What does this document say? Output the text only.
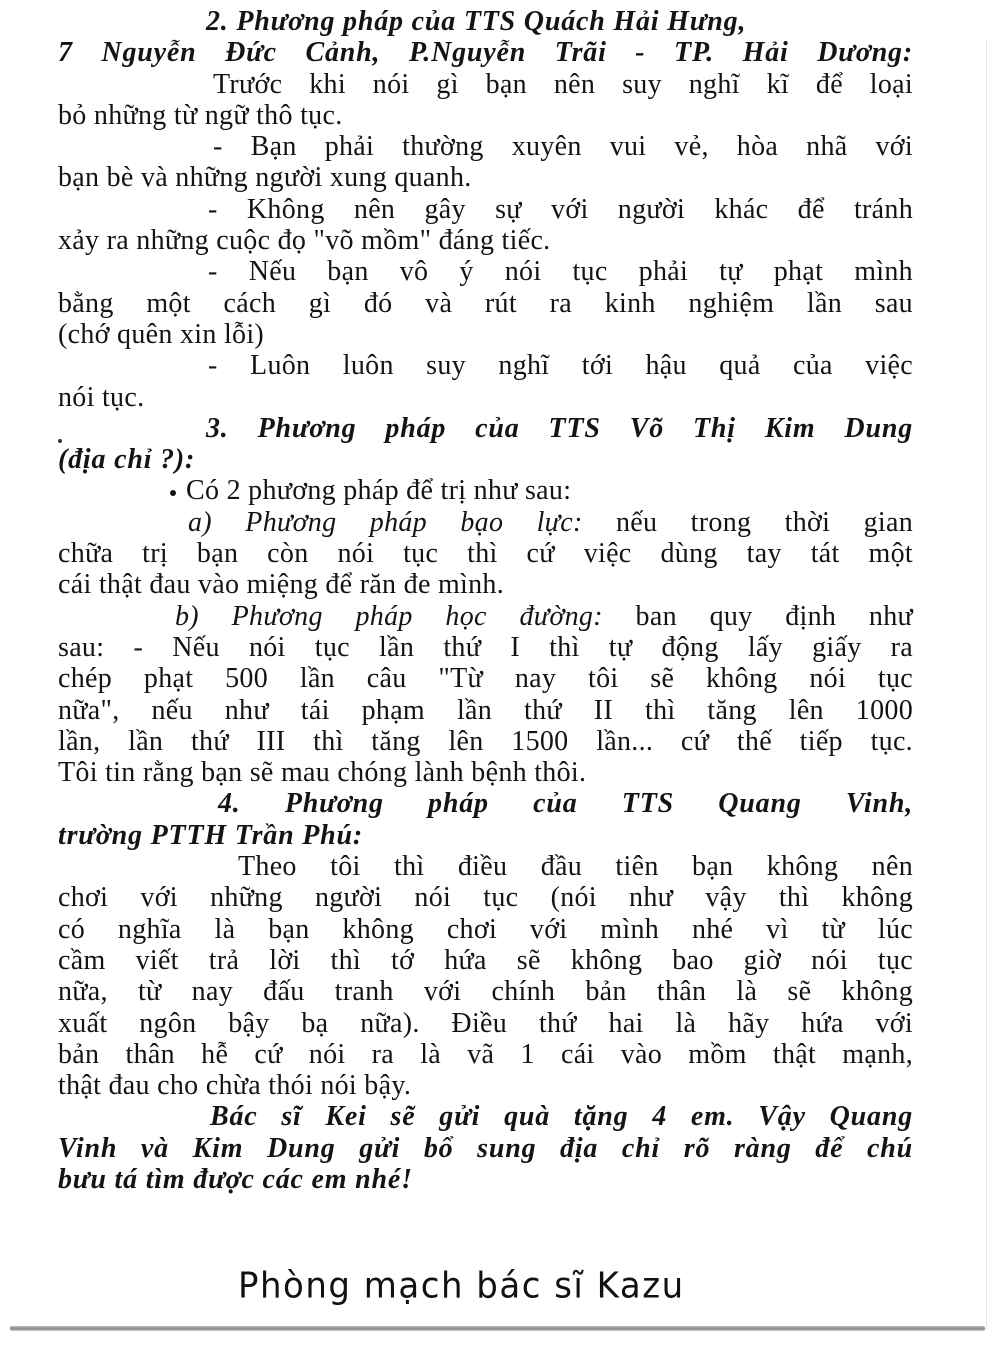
2. Phương pháp của TTS Quách Hải Hưng,
7 Nguyễn Đức Cảnh, P.Nguyễn Trãi - TP. Hải Dương:
Trước khi nói gì bạn nên suy nghĩ kĩ để loại
bỏ những từ ngữ thô tục.
- Bạn phải thường xuyên vui vẻ, hòa nhã với
bạn bè và những người xung quanh.
- Không nên gây sự với người khác để tránh
xảy ra những cuộc đọ "võ mồm" đáng tiếc.
- Nếu bạn vô ý nói tục phải tự phạt mình
bằng một cách gì đó và rút ra kinh nghiệm lần sau
(chớ quên xin lỗi)
- Luôn luôn suy nghĩ tới hậu quả của việc
nói tục.
3. Phương pháp của TTS Võ Thị Kim Dung
(địa chỉ ?):
Có 2 phương pháp để trị như sau:
a) Phương pháp bạo lực: nếu trong thời gian
chữa trị bạn còn nói tục thì cứ việc dùng tay tát một
cái thật đau vào miệng để răn đe mình.
b) Phương pháp học đường: ban quy định như
sau: - Nếu nói tục lần thứ I thì tự động lấy giấy ra
chép phạt 500 lần câu "Từ nay tôi sẽ không nói tục
nữa", nếu như tái phạm lần thứ II thì tăng lên 1000
lần, lần thứ III thì tăng lên 1500 lần... cứ thế tiếp tục.
Tôi tin rằng bạn sẽ mau chóng lành bệnh thôi.
4. Phương pháp của TTS Quang Vinh,
trường PTTH Trần Phú:
Theo tôi thì điều đầu tiên bạn không nên
chơi với những người nói tục (nói như vậy thì không
có nghĩa là bạn không chơi với mình nhé vì từ lúc
cầm viết trả lời thì tớ hứa sẽ không bao giờ nói tục
nữa, từ nay đấu tranh với chính bản thân là sẽ không
xuất ngôn bậy bạ nữa). Điều thứ hai là hãy hứa với
bản thân hễ cứ nói ra là vã 1 cái vào mồm thật mạnh,
thật đau cho chừa thói nói bậy.
Bác sĩ Kei sẽ gửi quà tặng 4 em. Vậy Quang
Vinh và Kim Dung gửi bổ sung địa chỉ rõ ràng để chú
bưu tá tìm được các em nhé!
Phòng mạch bác sĩ Kazu
